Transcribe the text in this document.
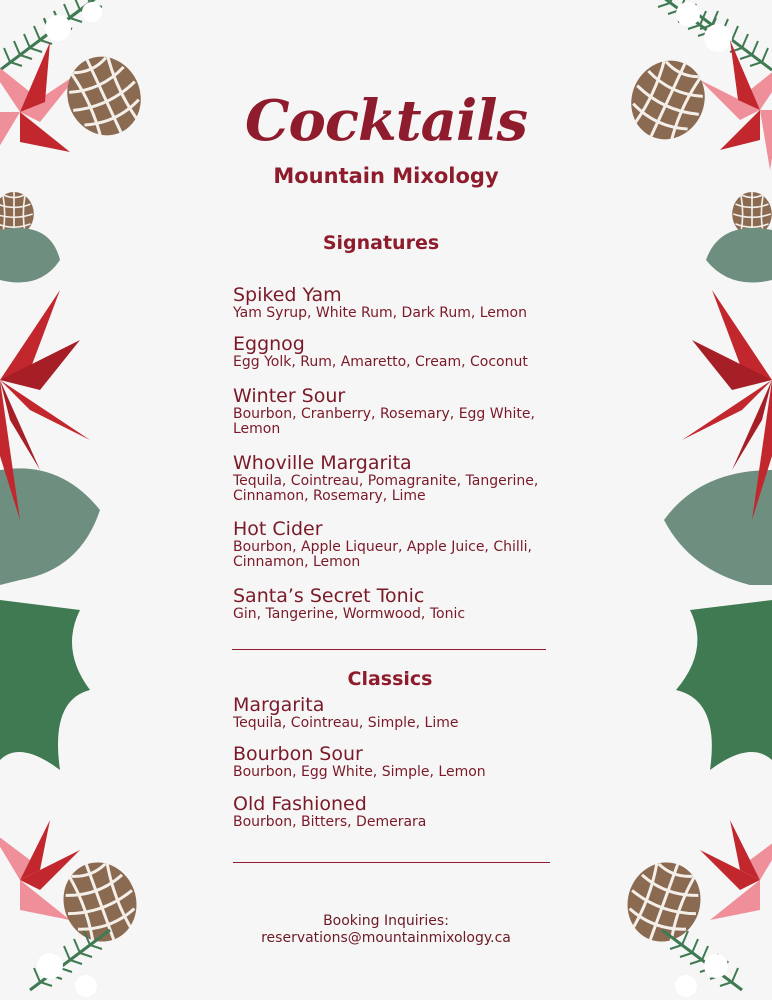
Cocktails
Mountain Mixology
Signatures
Spiked Yam
Yam Syrup, White Rum, Dark Rum, Lemon
Eggnog
Egg Yolk, Rum, Amaretto, Cream, Coconut
Winter Sour
Bourbon, Cranberry, Rosemary, Egg White, Lemon
Whoville Margarita
Tequila, Cointreau, Pomagranite, Tangerine, Cinnamon, Rosemary, Lime
Hot Cider
Bourbon, Apple Liqueur, Apple Juice, Chilli, Cinnamon, Lemon
Santa’s Secret Tonic
Gin, Tangerine, Wormwood, Tonic
Classics
Margarita
Tequila, Cointreau, Simple, Lime
Bourbon Sour
Bourbon, Egg White, Simple, Lemon
Old Fashioned
Bourbon, Bitters, Demerara
Booking Inquiries:
reservations@mountainmixology.ca
